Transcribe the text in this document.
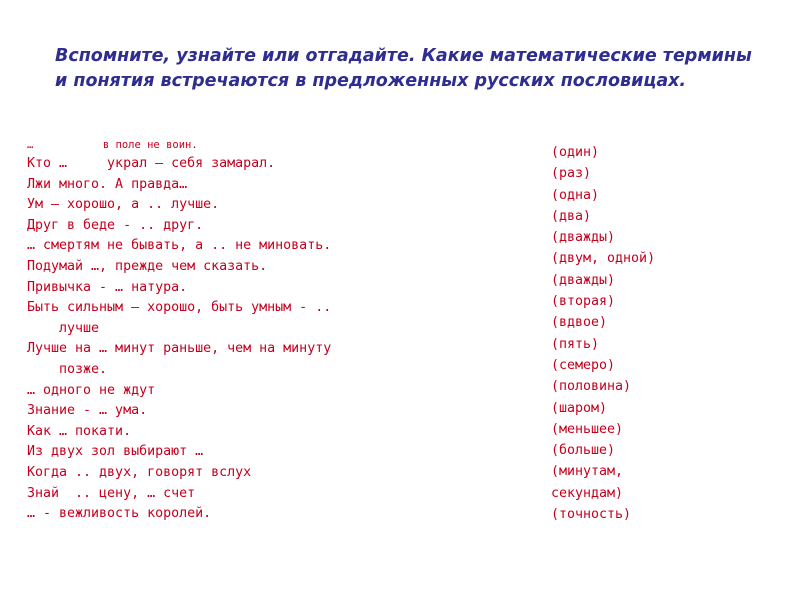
Вспомните, узнайте или отгадайте. Какие математические термины и понятия встречаются в предложенных русских пословицах.
…           в поле не воин.
Кто …     украл – себя замарал.
Лжи много. А правда…
Ум – хорошо, а .. лучше.
Друг в беде - .. друг.
… смертям не бывать, а .. не миновать.
Подумай …, прежде чем сказать.
Привычка - … натура.
Быть сильным – хорошо, быть умным - ..
лучше
Лучше на … минут раньше, чем на минуту
позже.
… одного не ждут
Знание - … ума.
Как … покати.
Из двух зол выбирают …
Когда .. двух, говорят вслух
Знай  .. цену, … счет
… - вежливость королей.
(один)
(раз)
(одна)
(два)
(дважды)
(двум, одной)
(дважды)
(вторая)
(вдвое)
(пять)
(семеро)
(половина)
(шаром)
(меньшее)
(больше)
(минутам,
секундам)
(точность)
